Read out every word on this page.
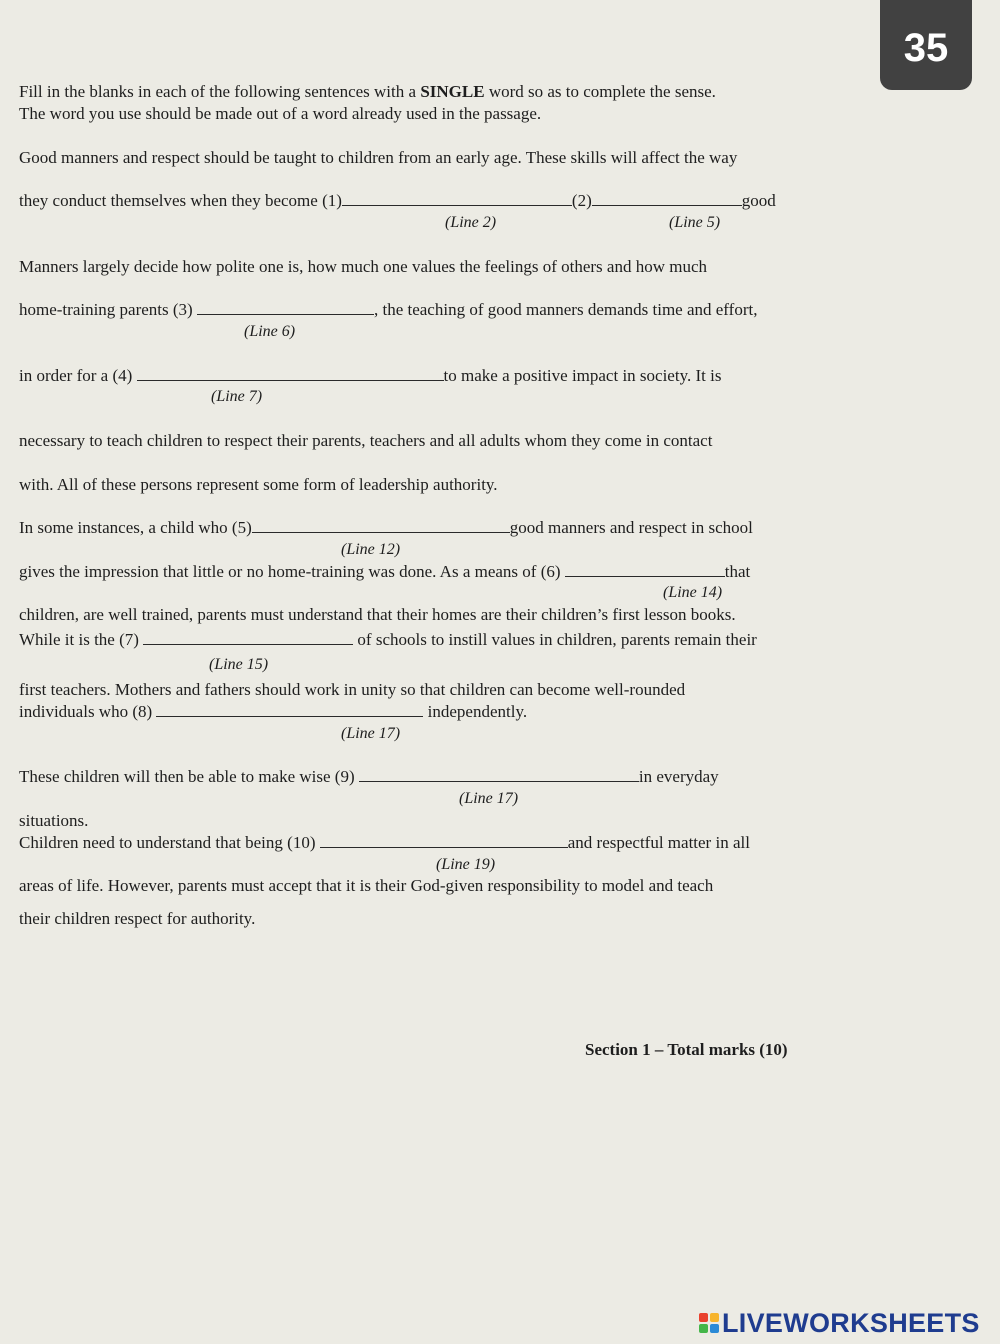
35
Fill in the blanks in each of the following sentences with a SINGLE word so as to complete the sense.
The word you use should be made out of a word already used in the passage.
Good manners and respect should be taught to children from an early age. These skills will affect the way
they conduct themselves when they become (1)	(2)	good
(Line 2)	(Line 5)
Manners largely decide how polite one is, how much one values the feelings of others and how much
home-training parents (3)	, the teaching of good manners demands time and effort,
(Line 6)
in order for a (4)	to make a positive impact in society. It is
(Line 7)
necessary to teach children to respect their parents, teachers and all adults whom they come in contact
with. All of these persons represent some form of leadership authority.
In some instances, a child who (5)	good manners and respect in school
(Line 12)
gives the impression that little or no home-training was done. As a means of (6)	that
(Line 14)
children, are well trained, parents must understand that their homes are their children’s first lesson books.
While it is the (7)	of schools to instill values in children, parents remain their
(Line 15)
first teachers. Mothers and fathers should work in unity so that children can become well-rounded
individuals who (8)	independently.
(Line 17)
These children will then be able to make wise (9)	in everyday
(Line 17)
situations.
Children need to understand that being (10)	and respectful matter in all
(Line 19)
areas of life. However, parents must accept that it is their God-given responsibility to model and teach
their children respect for authority.
Section 1 – Total marks (10)
LIVEWORKSHEETS
